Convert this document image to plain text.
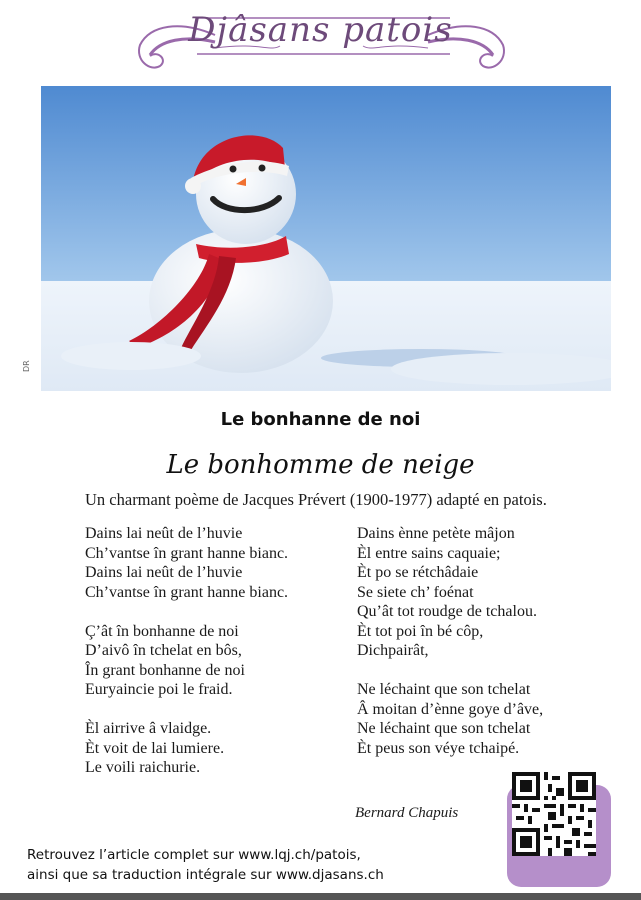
Djâsans patois
DR
Le bonhanne de noi
Le bonhomme de neige
Un charmant poème de Jacques Prévert (1900-1977) adapté en patois.
Dains lai neût de l’huvie
Ch’vantse în grant hanne bianc.
Dains lai neût de l’huvie
Ch’vantse în grant hanne bianc.
Ç’ât în bonhanne de noi
D’aivô în tchelat en bôs,
În grant bonhanne de noi
Euryaincie poi le fraid.
Èl airrive â vlaidge.
Èt voit de lai lumiere.
Le voili raichurie.
Dains ènne petète mâjon
Èl entre sains caquaie;
Èt po se rétchâdaie
Se siete ch’ foénat
Qu’ât tot roudge de tchalou.
Èt tot poi în bé côp,
Dichpairât,
Ne léchaint que son tchelat
Â moitan d’ènne goye d’âve,
Ne léchaint que son tchelat
Èt peus son véye tchaipé.
Bernard Chapuis
Retrouvez l’article complet sur www.lqj.ch/patois,
ainsi que sa traduction intégrale sur www.djasans.ch
